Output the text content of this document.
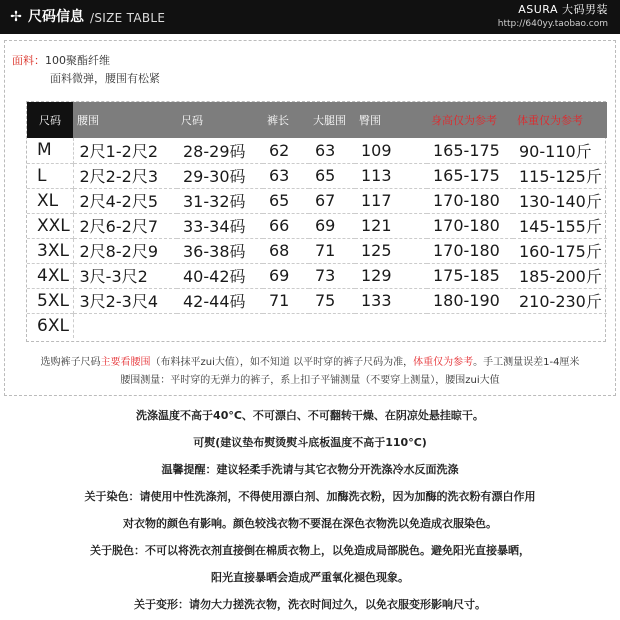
✢ 尺码信息 /SIZE TABLE
ASURA 大码男装
http://640yy.taobao.com
面料：100聚酯纤维
面料微弹，腰围有松紧
尺码	腰围	尺码	裤长	大腿围	臀围	身高仅为参考	体重仅为参考
M	2尺1-2尺2	28-29码	62	63	109	165-175	90-110斤
L	2尺2-2尺3	29-30码	63	65	113	165-175	115-125斤
XL	2尺4-2尺5	31-32码	65	67	117	170-180	130-140斤
XXL	2尺6-2尺7	33-34码	66	69	121	170-180	145-155斤
3XL	2尺8-2尺9	36-38码	68	71	125	170-180	160-175斤
4XL	3尺-3尺2	40-42码	69	73	129	175-185	185-200斤
5XL	3尺2-3尺4	42-44码	71	75	133	180-190	210-230斤
6XL							
选购裤子尺码主要看腰围（布料抹平zui大值），如不知道 以平时穿的裤子尺码为准，体重仅为参考。手工测量误差1-4厘米
腰围测量：平时穿的无弹力的裤子，系上扣子平铺测量（不要穿上测量），腰围zui大值

洗涤温度不高于40°C、不可漂白、不可翻转干燥、在阴凉处悬挂晾干。

可熨(建议垫布熨烫熨斗底板温度不高于110°C)

温馨提醒：建议轻柔手洗请与其它衣物分开洗涤冷水反面洗涤

关于染色：请使用中性洗涤剂，不得使用漂白剂、加酶洗衣粉，因为加酶的洗衣粉有漂白作用

对衣物的颜色有影响。颜色较浅衣物不要混在深色衣物洗以免造成衣服染色。

关于脱色：不可以将洗衣剂直接倒在棉质衣物上，以免造成局部脱色。避免阳光直接暴晒，

阳光直接暴晒会造成严重氧化褪色现象。

关于变形：请勿大力搓洗衣物，洗衣时间过久，以免衣服变形影响尺寸。
